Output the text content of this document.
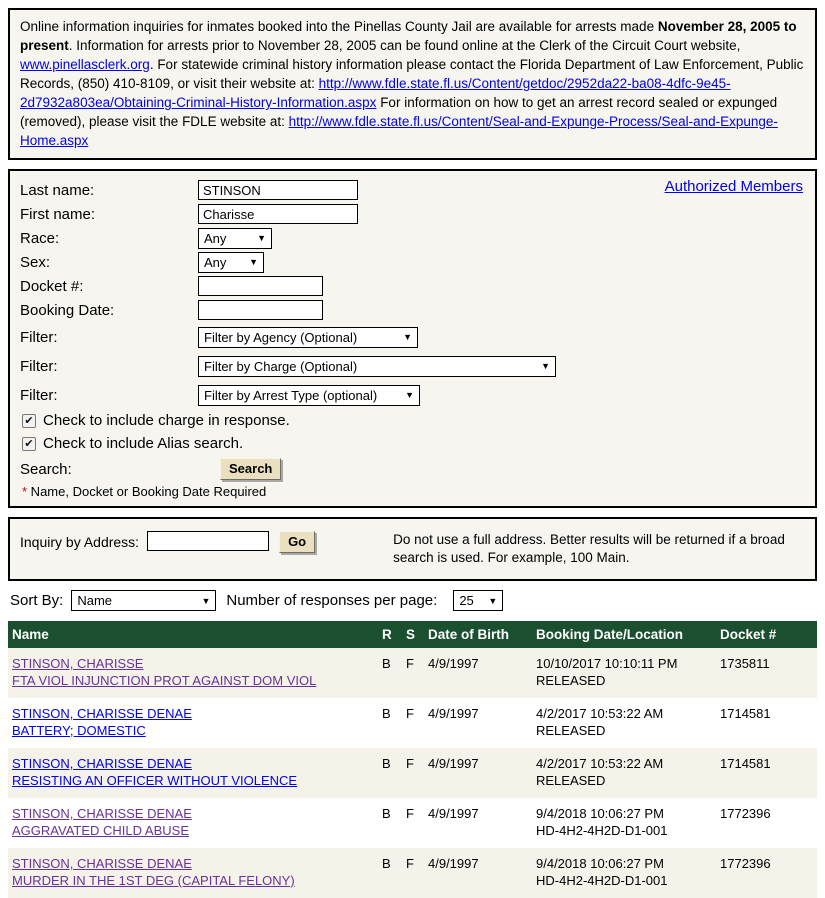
Online information inquiries for inmates booked into the Pinellas County Jail are available for arrests made November 28, 2005 to present. Information for arrests prior to November 28, 2005 can be found online at the Clerk of the Circuit Court website, www.pinellasclerk.org. For statewide criminal history information please contact the Florida Department of Law Enforcement, Public Records, (850) 410-8109, or visit their website at: http://www.fdle.state.fl.us/Content/getdoc/2952da22-ba08-4dfc-9e45-2d7932a803ea/Obtaining-Criminal-History-Information.aspx For information on how to get an arrest record sealed or expunged (removed), please visit the FDLE website at: http://www.fdle.state.fl.us/Content/Seal-and-Expunge-Process/Seal-and-Expunge-Home.aspx
Authorized Members
Last name:
STINSON
First name:
Charisse
Race:	Any	▼
Sex:	Any	▼
Docket #:
Booking Date:
Filter:	Filter by Agency (Optional)	▼
Filter:	Filter by Charge (Optional)	▼
Filter:	Filter by Arrest Type (optional)	▼
✔
Check to include charge in response.
✔
Check to include Alias search.
Search:	Search
* Name, Docket or Booking Date Required
Inquiry by Address:	Go	Do not use a full address. Better results will be returned if a broad search is used. For example, 100 Main.
Sort By: Name	▼ Number of responses per page: 25 ▼
Name	R	S	Date of Birth	Booking Date/Location	Docket #
STINSON, CHARISSE
FTA VIOL INJUNCTION PROT AGAINST DOM VIOL	B	F	4/9/1997	10/10/2017 10:10:11 PM
RELEASED	1735811
STINSON, CHARISSE DENAE
BATTERY; DOMESTIC	B	F	4/9/1997	4/2/2017 10:53:22 AM
RELEASED	1714581
STINSON, CHARISSE DENAE
RESISTING AN OFFICER WITHOUT VIOLENCE	B	F	4/9/1997	4/2/2017 10:53:22 AM
RELEASED	1714581
STINSON, CHARISSE DENAE
AGGRAVATED CHILD ABUSE	B	F	4/9/1997	9/4/2018 10:06:27 PM
HD-4H2-4H2D-D1-001	1772396
STINSON, CHARISSE DENAE
MURDER IN THE 1ST DEG (CAPITAL FELONY)	B	F	4/9/1997	9/4/2018 10:06:27 PM
HD-4H2-4H2D-D1-001	1772396
